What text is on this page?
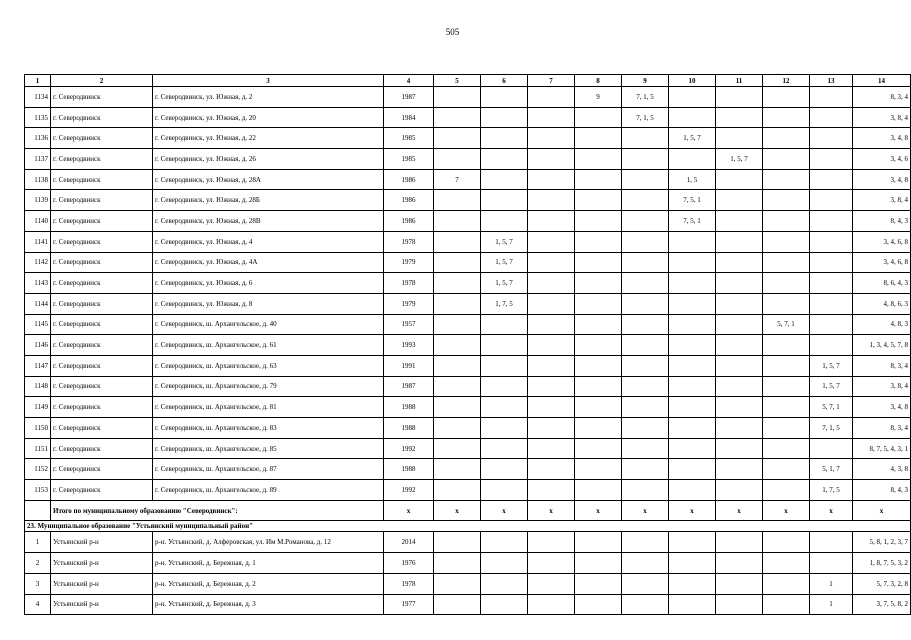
505
1	2	3	4	5	6	7	8	9	10	11	12	13	14
1134	г. Северодвинск	г. Северодвинск, ул. Южная, д. 2	1987				9	7, 1, 5					8, 3, 4
1135	г. Северодвинск	г. Северодвинск, ул. Южная, д. 20	1984					7, 1, 5					3, 8, 4
1136	г. Северодвинск	г. Северодвинск, ул. Южная, д. 22	1985						1, 5, 7				3, 4, 8
1137	г. Северодвинск	г. Северодвинск, ул. Южная, д. 26	1985							1, 5, 7			3, 4, 6
1138	г. Северодвинск	г. Северодвинск, ул. Южная, д. 28А	1986	7					1, 5				3, 4, 8
1139	г. Северодвинск	г. Северодвинск, ул. Южная, д. 28Б	1986						7, 5, 1				3, 8, 4
1140	г. Северодвинск	г. Северодвинск, ул. Южная, д. 28В	1986						7, 5, 1				8, 4, 3
1141	г. Северодвинск	г. Северодвинск, ул. Южная, д. 4	1978		1, 5, 7								3, 4, 6, 8
1142	г. Северодвинск	г. Северодвинск, ул. Южная, д. 4А	1979		1, 5, 7								3, 4, 6, 8
1143	г. Северодвинск	г. Северодвинск, ул. Южная, д. 6	1978		1, 5, 7								8, 6, 4, 3
1144	г. Северодвинск	г. Северодвинск, ул. Южная, д. 8	1979		1, 7, 5								4, 8, 6, 3
1145	г. Северодвинск	г. Северодвинск, ш. Архангельское, д. 40	1957								5, 7, 1		4, 8, 3
1146	г. Северодвинск	г. Северодвинск, ш. Архангельское, д. 61	1993										1, 3, 4, 5, 7, 8
1147	г. Северодвинск	г. Северодвинск, ш. Архангельское, д. 63	1991									1, 5, 7	8, 3, 4
1148	г. Северодвинск	г. Северодвинск, ш. Архангельское, д. 79	1987									1, 5, 7	3, 8, 4
1149	г. Северодвинск	г. Северодвинск, ш. Архангельское, д. 81	1988									5, 7, 1	3, 4, 8
1150	г. Северодвинск	г. Северодвинск, ш. Архангельское, д. 83	1988									7, 1, 5	8, 3, 4
1151	г. Северодвинск	г. Северодвинск, ш. Архангельское, д. 85	1992										8, 7, 5, 4, 3, 1
1152	г. Северодвинск	г. Северодвинск, ш. Архангельское, д. 87	1988									5, 1, 7	4, 3, 8
1153	г. Северодвинск	г. Северодвинск, ш. Архангельское, д. 89	1992									1, 7, 5	8, 4, 3
	Итого по муниципальному образованию "Северодвинск":		х	х	х	х	х	х	х	х	х	х	х
23. Муниципальное образование "Устьянский муниципальный район"													
1	Устьянский р-н	р-н. Устьянский, д. Алферовская, ул. Им М.Романова, д. 12	2014										5, 8, 1, 2, 3, 7
2	Устьянский р-н	р-н. Устьянский, д. Бережная, д. 1	1976										1, 8, 7, 5, 3, 2
3	Устьянский р-н	р-н. Устьянский, д. Бережная, д. 2	1978									1	5, 7, 3, 2, 8
4	Устьянский р-н	р-н. Устьянский, д. Бережная, д. 3	1977									1	3, 7, 5, 8, 2
